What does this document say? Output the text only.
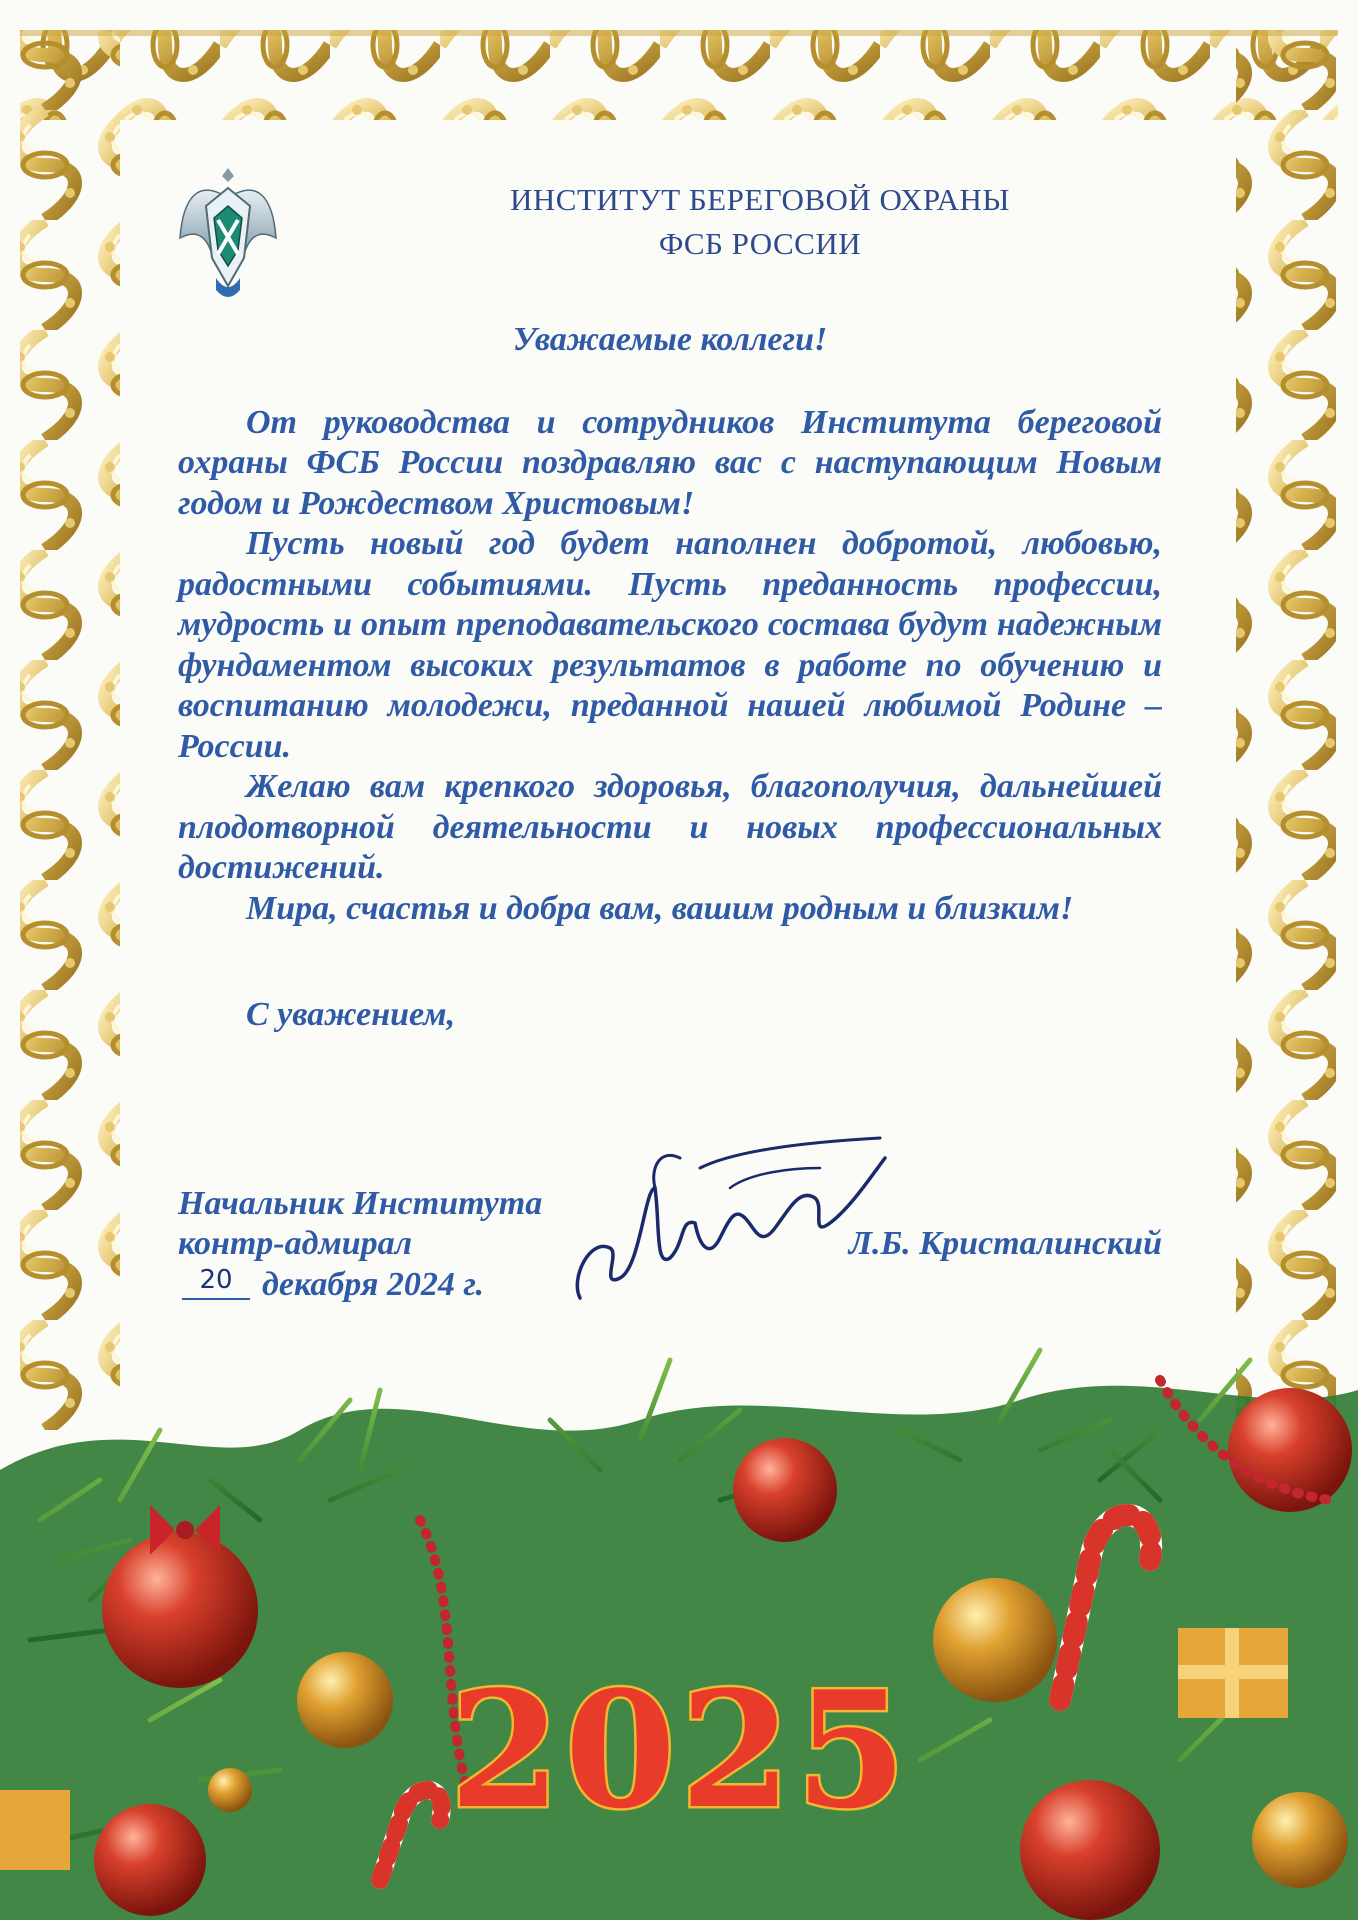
ИНСТИТУТ БЕРЕГОВОЙ ОХРАНЫ
ФСБ РОССИИ
Уважаемые коллеги!

От руководства и сотрудников Института береговой охраны ФСБ России поздравляю вас с наступающим Новым годом и Рождеством Христовым!

Пусть новый год будет наполнен добротой, любовью, радостными событиями. Пусть преданность профессии, мудрость и опыт преподавательского состава будут надежным фундаментом высоких результатов в работе по обучению и воспитанию молодежи, преданной нашей любимой Родине – России.

Желаю вам крепкого здоровья, благополучия, дальнейшей плодотворной деятельности и новых профессиональных достижений.

Мира, счастья и добра вам, вашим родным и близким!

С уважением,
Начальник Института
контр-адмирал	Л.Б. Кристалинский
20 декабря 2024 г.
2025
